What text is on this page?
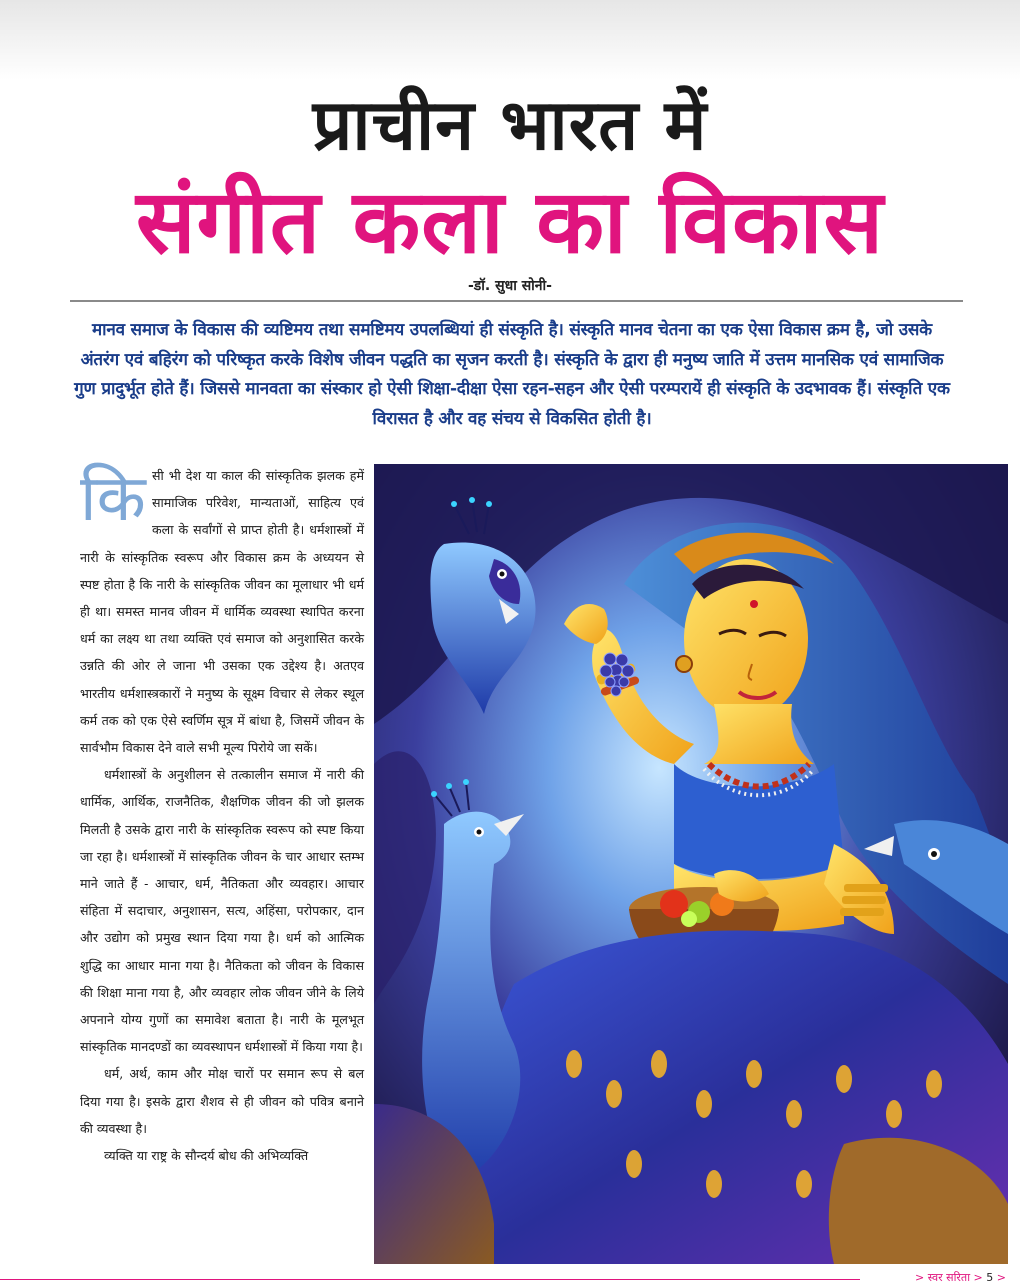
प्राचीन भारत में
संगीत कला का विकास
-डॉ. सुधा सोनी-
मानव समाज के विकास की व्यष्टिमय तथा समष्टिमय उपलब्धियां ही संस्कृति है। संस्कृति मानव चेतना का एक ऐसा विकास क्रम है, जो उसके अंतरंग एवं बहिरंग को परिष्कृत करके विशेष जीवन पद्धति का सृजन करती है। संस्कृति के द्वारा ही मनुष्य जाति में उत्तम मानसिक एवं सामाजिक गुण प्रादुर्भूत होते हैं। जिससे मानवता का संस्कार हो ऐसी शिक्षा-दीक्षा ऐसा रहन-सहन और ऐसी परम्परायें ही संस्कृति के उदभावक हैं। संस्कृति एक विरासत है और वह संचय से विकसित होती है।

किसी भी देश या काल की सांस्कृतिक झलक हमें सामाजिक परिवेश, मान्यताओं, साहित्य एवं कला के सर्वांगों से प्राप्त होती है। धर्मशास्त्रों में नारी के सांस्कृतिक स्वरूप और विकास क्रम के अध्ययन से स्पष्ट होता है कि नारी के सांस्कृतिक जीवन का मूलाधार भी धर्म ही था। समस्त मानव जीवन में धार्मिक व्यवस्था स्थापित करना धर्म का लक्ष्य था तथा व्यक्ति एवं समाज को अनुशासित करके उन्नति की ओर ले जाना भी उसका एक उद्देश्य है। अतएव भारतीय धर्मशास्त्रकारों ने मनुष्य के सूक्ष्म विचार से लेकर स्थूल कर्म तक को एक ऐसे स्वर्णिम सूत्र में बांधा है, जिसमें जीवन के सार्वभौम विकास देने वाले सभी मूल्य पिरोये जा सकें।

धर्मशास्त्रों के अनुशीलन से तत्कालीन समाज में नारी की धार्मिक, आर्थिक, राजनैतिक, शैक्षणिक जीवन की जो झलक मिलती है उसके द्वारा नारी के सांस्कृतिक स्वरूप को स्पष्ट किया जा रहा है। धर्मशास्त्रों में सांस्कृतिक जीवन के चार आधार स्तम्भ माने जाते हैं - आचार, धर्म, नैतिकता और व्यवहार। आचार संहिता में सदाचार, अनुशासन, सत्य, अहिंसा, परोपकार, दान और उद्योग को प्रमुख स्थान दिया गया है। धर्म को आत्मिक शुद्धि का आधार माना गया है। नैतिकता को जीवन के विकास की शिक्षा माना गया है, और व्यवहार लोक जीवन जीने के लिये अपनाने योग्य गुणों का समावेश बताता है। नारी के मूलभूत सांस्कृतिक मानदण्डों का व्यवस्थापन धर्मशास्त्रों में किया गया है।

धर्म, अर्थ, काम और मोक्ष चारों पर समान रूप से बल दिया गया है। इसके द्वारा शैशव से ही जीवन को पवित्र बनाने की व्यवस्था है।

व्यक्ति या राष्ट्र के सौन्दर्य बोध की अभिव्यक्ति

> स्वर सरिता > 5 >
